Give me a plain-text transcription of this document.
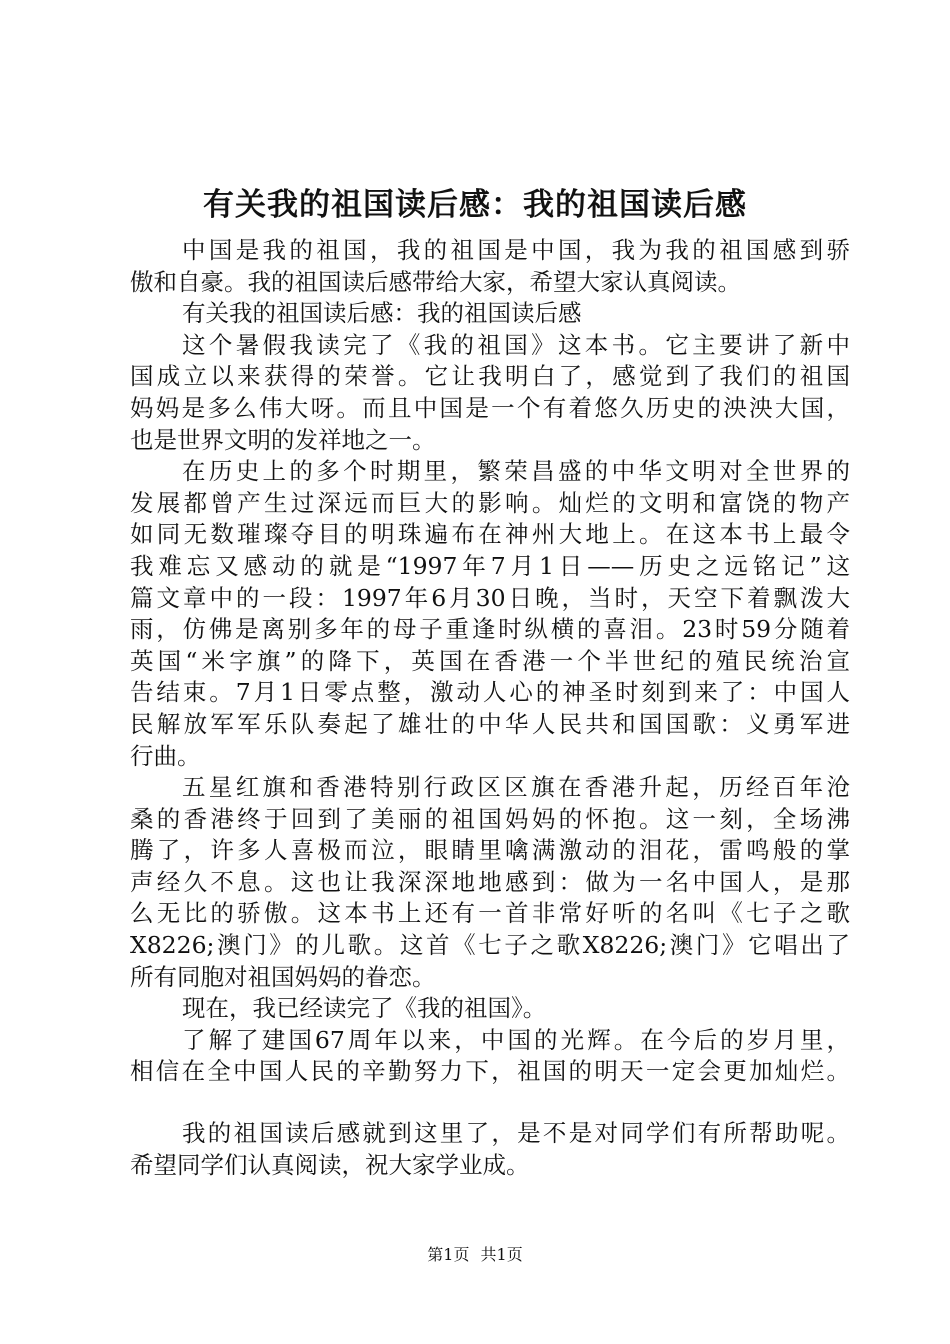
有关我的祖国读后感：我的祖国读后感
中国是我的祖国，我的祖国是中国，我为我的祖国感到骄
傲和自豪。我的祖国读后感带给大家，希望大家认真阅读。
有关我的祖国读后感：我的祖国读后感
这个暑假我读完了《我的祖国》这本书。它主要讲了新中
国成立以来获得的荣誉。它让我明白了，感觉到了我们的祖国
妈妈是多么伟大呀。而且中国是一个有着悠久历史的泱泱大国，
也是世界文明的发祥地之一。
在历史上的多个时期里，繁荣昌盛的中华文明对全世界的
发展都曾产生过深远而巨大的影响。灿烂的文明和富饶的物产
如同无数璀璨夺目的明珠遍布在神州大地上。在这本书上最令
我难忘又感动的就是“1997年7月1日——历史之远铭记”这
篇文章中的一段：1997年6月30日晚，当时，天空下着飘泼大
雨，仿佛是离别多年的母子重逢时纵横的喜泪。23时59分随着
英国“米字旗”的降下，英国在香港一个半世纪的殖民统治宣
告结束。7月1日零点整，激动人心的神圣时刻到来了：中国人
民解放军军乐队奏起了雄壮的中华人民共和国国歌：义勇军进
行曲。
五星红旗和香港特别行政区区旗在香港升起，历经百年沧
桑的香港终于回到了美丽的祖国妈妈的怀抱。这一刻，全场沸
腾了，许多人喜极而泣，眼睛里噙满激动的泪花，雷鸣般的掌
声经久不息。这也让我深深地地感到：做为一名中国人，是那
么无比的骄傲。这本书上还有一首非常好听的名叫《七子之歌
X8226;澳门》的儿歌。这首《七子之歌X8226;澳门》它唱出了
所有同胞对祖国妈妈的眷恋。
现在，我已经读完了《我的祖国》。
了解了建国67周年以来，中国的光辉。在今后的岁月里，
相信在全中国人民的辛勤努力下，祖国的明天一定会更加灿烂。
我的祖国读后感就到这里了，是不是对同学们有所帮助呢。
希望同学们认真阅读，祝大家学业成。
第1页 共1页
